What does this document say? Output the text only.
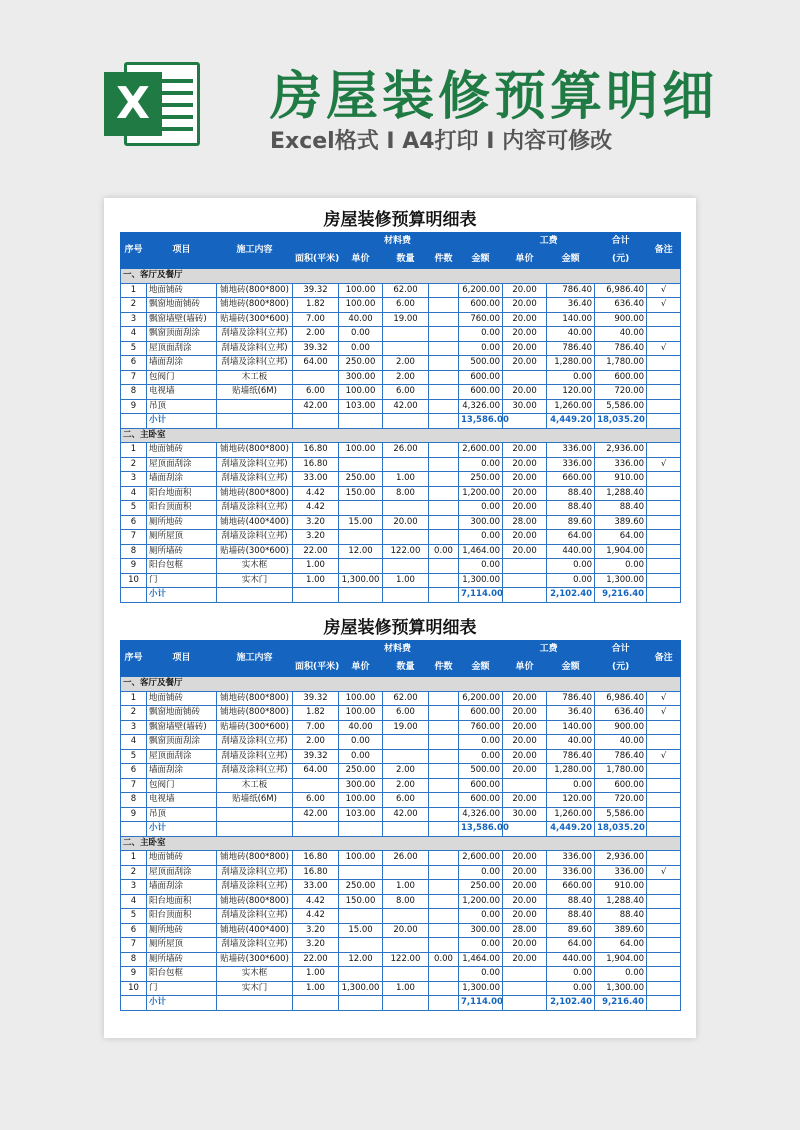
X 房屋装修预算明细
Excel格式 I A4打印 I 内容可修改
房屋装修预算明细表
序号	项目	施工内容	材料费					工费		合计	备注
			面积(平米)	单价	数量	件数	金额	单价	金额	(元)	
一、客厅及餐厅											
1	地面铺砖	铺地砖(800*800)	39.32	100.00	62.00		6,200.00	20.00	786.40	6,986.40	√
2	飘窗地面铺砖	铺地砖(800*800)	1.82	100.00	6.00		600.00	20.00	36.40	636.40	√
3	飘窗墙壁(墙砖)	贴墙砖(300*600)	7.00	40.00	19.00		760.00	20.00	140.00	900.00	
4	飘窗顶面刮涂	刮墙及涂料(立邦)	2.00	0.00			0.00	20.00	40.00	40.00	
5	屋顶面刮涂	刮墙及涂料(立邦)	39.32	0.00			0.00	20.00	786.40	786.40	√
6	墙面刮涂	刮墙及涂料(立邦)	64.00	250.00	2.00		500.00	20.00	1,280.00	1,780.00	
7	包阀门	木工板		300.00	2.00		600.00		0.00	600.00	
8	电视墙	贴墙纸(6M)	6.00	100.00	6.00		600.00	20.00	120.00	720.00	
9	吊顶		42.00	103.00	42.00		4,326.00	30.00	1,260.00	5,586.00	
	小计						13,586.00		4,449.20	18,035.20	
二、主卧室											
1	地面铺砖	铺地砖(800*800)	16.80	100.00	26.00		2,600.00	20.00	336.00	2,936.00	
2	屋顶面刮涂	刮墙及涂料(立邦)	16.80				0.00	20.00	336.00	336.00	√
3	墙面刮涂	刮墙及涂料(立邦)	33.00	250.00	1.00		250.00	20.00	660.00	910.00	
4	阳台地面积	铺地砖(800*800)	4.42	150.00	8.00		1,200.00	20.00	88.40	1,288.40	
5	阳台顶面积	刮墙及涂料(立邦)	4.42				0.00	20.00	88.40	88.40	
6	厕所地砖	铺地砖(400*400)	3.20	15.00	20.00		300.00	28.00	89.60	389.60	
7	厕所屋顶	刮墙及涂料(立邦)	3.20				0.00	20.00	64.00	64.00	
8	厕所墙砖	贴墙砖(300*600)	22.00	12.00	122.00	0.00	1,464.00	20.00	440.00	1,904.00	
9	阳台包框	实木框	1.00				0.00		0.00	0.00	
10	门	实木门	1.00	1,300.00	1.00		1,300.00		0.00	1,300.00	
	小计						7,114.00		2,102.40	9,216.40	
房屋装修预算明细表
序号	项目	施工内容	材料费					工费		合计	备注
			面积(平米)	单价	数量	件数	金额	单价	金额	(元)	
一、客厅及餐厅											
1	地面铺砖	铺地砖(800*800)	39.32	100.00	62.00		6,200.00	20.00	786.40	6,986.40	√
2	飘窗地面铺砖	铺地砖(800*800)	1.82	100.00	6.00		600.00	20.00	36.40	636.40	√
3	飘窗墙壁(墙砖)	贴墙砖(300*600)	7.00	40.00	19.00		760.00	20.00	140.00	900.00	
4	飘窗顶面刮涂	刮墙及涂料(立邦)	2.00	0.00			0.00	20.00	40.00	40.00	
5	屋顶面刮涂	刮墙及涂料(立邦)	39.32	0.00			0.00	20.00	786.40	786.40	√
6	墙面刮涂	刮墙及涂料(立邦)	64.00	250.00	2.00		500.00	20.00	1,280.00	1,780.00	
7	包阀门	木工板		300.00	2.00		600.00		0.00	600.00	
8	电视墙	贴墙纸(6M)	6.00	100.00	6.00		600.00	20.00	120.00	720.00	
9	吊顶		42.00	103.00	42.00		4,326.00	30.00	1,260.00	5,586.00	
	小计						13,586.00		4,449.20	18,035.20	
二、主卧室											
1	地面铺砖	铺地砖(800*800)	16.80	100.00	26.00		2,600.00	20.00	336.00	2,936.00	
2	屋顶面刮涂	刮墙及涂料(立邦)	16.80				0.00	20.00	336.00	336.00	√
3	墙面刮涂	刮墙及涂料(立邦)	33.00	250.00	1.00		250.00	20.00	660.00	910.00	
4	阳台地面积	铺地砖(800*800)	4.42	150.00	8.00		1,200.00	20.00	88.40	1,288.40	
5	阳台顶面积	刮墙及涂料(立邦)	4.42				0.00	20.00	88.40	88.40	
6	厕所地砖	铺地砖(400*400)	3.20	15.00	20.00		300.00	28.00	89.60	389.60	
7	厕所屋顶	刮墙及涂料(立邦)	3.20				0.00	20.00	64.00	64.00	
8	厕所墙砖	贴墙砖(300*600)	22.00	12.00	122.00	0.00	1,464.00	20.00	440.00	1,904.00	
9	阳台包框	实木框	1.00				0.00		0.00	0.00	
10	门	实木门	1.00	1,300.00	1.00		1,300.00		0.00	1,300.00	
	小计						7,114.00		2,102.40	9,216.40	
